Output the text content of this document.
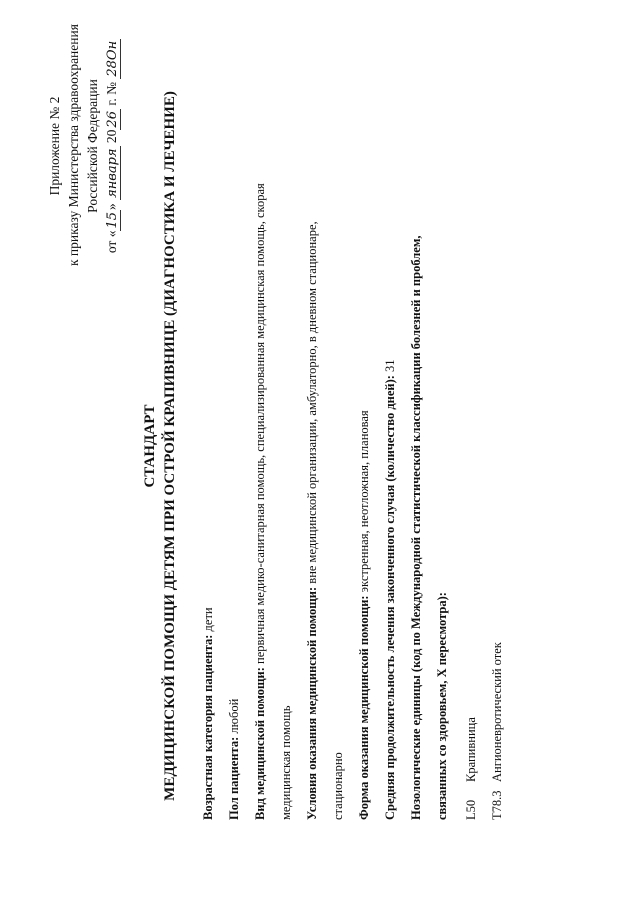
Приложение № 2 к приказу Министерства здравоохранения Российской Федерации
от «15» января 2026 г. № 28Он
СТАНДАРТ МЕДИЦИНСКОЙ ПОМОЩИ ДЕТЯМ ПРИ ОСТРОЙ КРАПИВНИЦЕ (ДИАГНОСТИКА И ЛЕЧЕНИЕ)	Возрастная категория пациента: дети
Пол пациента: любой Вид медицинской помощи: первичная медико-санитарная помощь, специализированная медицинская помощь, скорая
медицинская помощь Условия оказания медицинской помощи: вне медицинской организации, амбулаторно, в дневном стационаре,
стационарно Форма оказания медицинской помощи: экстренная, неотложная, плановая Средняя продолжительность лечения законченного случая (количество дней): 31 Нозологические единицы (код по Международной статистической классификации болезней и проблем, связанных со здоровьем, X пересмотра):	L50Крапивница
T78.3Ангионевротический отек
